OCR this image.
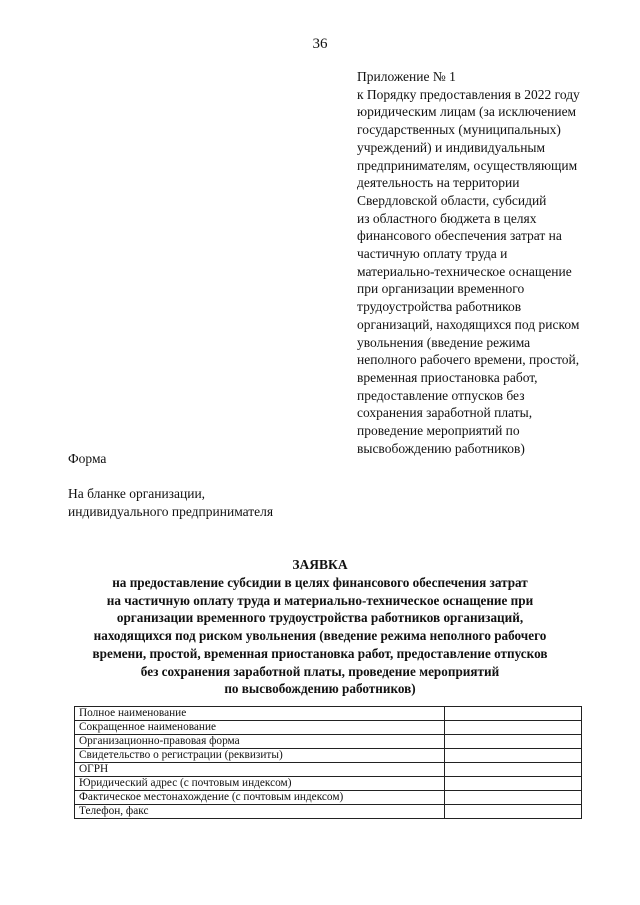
36
Приложение № 1
к Порядку предоставления в 2022 году
юридическим лицам (за исключением
государственных (муниципальных)
учреждений) и индивидуальным
предпринимателям, осуществляющим
деятельность на территории
Свердловской области, субсидий
из областного бюджета в целях
финансового обеспечения затрат на
частичную оплату труда и
материально-техническое оснащение
при организации временного
трудоустройства работников
организаций, находящихся под риском
увольнения (введение режима
неполного рабочего времени, простой,
временная приостановка работ,
предоставление отпусков без
сохранения заработной платы,
проведение мероприятий по
высвобождению работников)
Форма
На бланке организации,
индивидуального предпринимателя
ЗАЯВКА
на предоставление субсидии в целях финансового обеспечения затрат
на частичную оплату труда и материально-техническое оснащение при
организации временного трудоустройства работников организаций,
находящихся под риском увольнения (введение режима неполного рабочего
времени, простой, временная приостановка работ, предоставление отпусков
без сохранения заработной платы, проведение мероприятий
по высвобождению работников)
Полное наименование	
Сокращенное наименование	
Организационно-правовая форма	
Свидетельство о регистрации (реквизиты)	
ОГРН	
Юридический адрес (с почтовым индексом)	
Фактическое местонахождение (с почтовым индексом)	
Телефон, факс	
